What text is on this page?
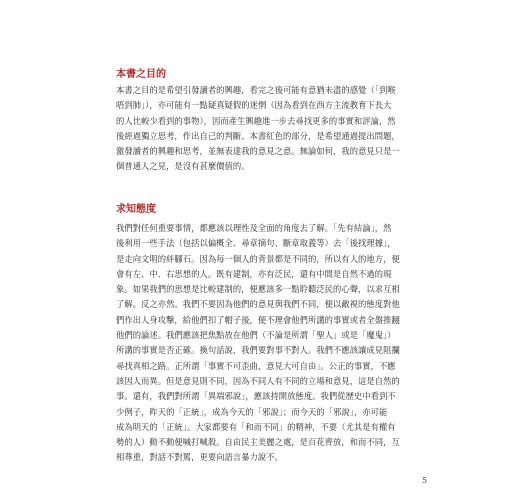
本書之目的
本書之目的是希望引發讀者的興趣，看完之後可能有意猶未盡的感覺（「到喉
唔到肺」），亦可能有一點疑真疑假的迷惘（因為看到在西方主流教育下長大
的人比較少看到的事物），因而產生興趣進一步去尋找更多的事實和評論，然
後經過獨立思考，作出自己的判斷。本書紅色的部分，是希望通過提出問題，
激發讀者的興趣和思考，並無表達我的意見之意。無論如何，我的意見只是一
個普通人之見，是沒有甚麼價值的。
求知態度
我們對任何重要事情，都應該以理性及全面的角度去了解。「先有結論」，然
後利用一些手法（包括以偏概全、尋章摘句、斷章取義等）去「後找理據」，
是走向文明的絆腳石。因為每一個人的背景都是不同的，所以有人的地方，便
會有左、中、右思想的人。既有建制，亦有泛民，還有中間是自然不過的現
象。如果我們的思想是比較建制的，便應該多一點聆聽泛民的心聲，以求互相
了解。反之亦然。我們不要因為他們的意見與我們不同，便以敵視的態度對他
們作出人身攻擊，給他們扣了帽子後，便不理會他們所講的事實或者全盤推翻
他們的論述。我們應該把焦點放在他們（不論是所謂「聖人」或是「魔鬼」）
所講的事實是否正確。換句話說，我們要對事不對人。我們不應該讓成見阻攔
尋找真相之路。正所謂「事實不可歪曲，意見大可自由」。公正的事實，不應
該因人而異。但是意見則不同，因為不同人有不同的立場和意見，這是自然的
事。還有，我們對所謂「異端邪說」，應該持開放態度。我們從歷史中看到不
少例子，昨天的「正統」，成為今天的「邪說」；而今天的「邪說」，亦可能
成為明天的「正統」。大家都要有「和而不同」的精神，不要（尤其是有權有
勢的人）動不動便喊打喊殺。自由民主美麗之處，是百花齊放，和而不同，互
相尊重，對話不對罵，更要向語言暴力說不。
5
